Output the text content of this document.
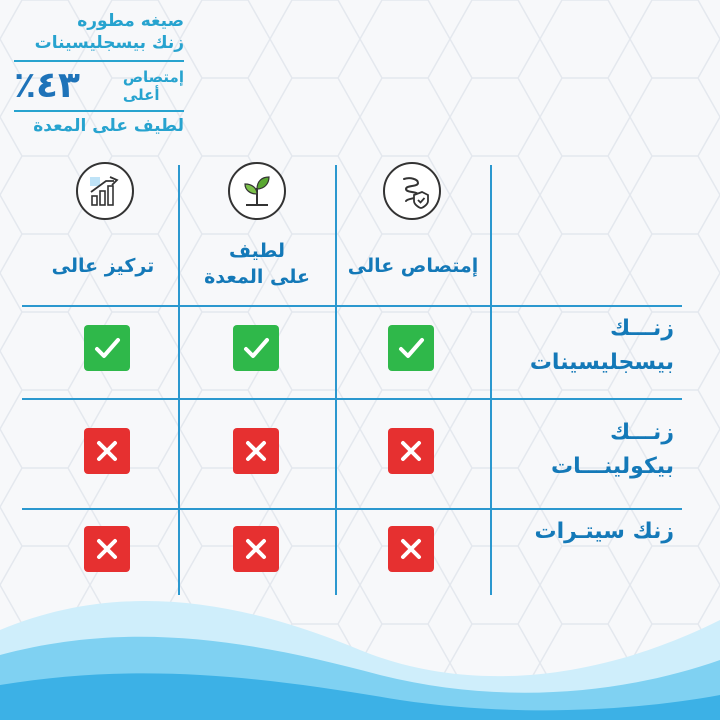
صيغه مطوره
زنك بيسجليسينات
إمتصاص
أعلى
٤٣٪
لطيف على المعدة
إمتصاص عالى
لطيف
على المعدة
تركيز عالى
زنـــك
بيسجليسينات
زنـــك
بيكولينـــات
زنك سيتـرات
